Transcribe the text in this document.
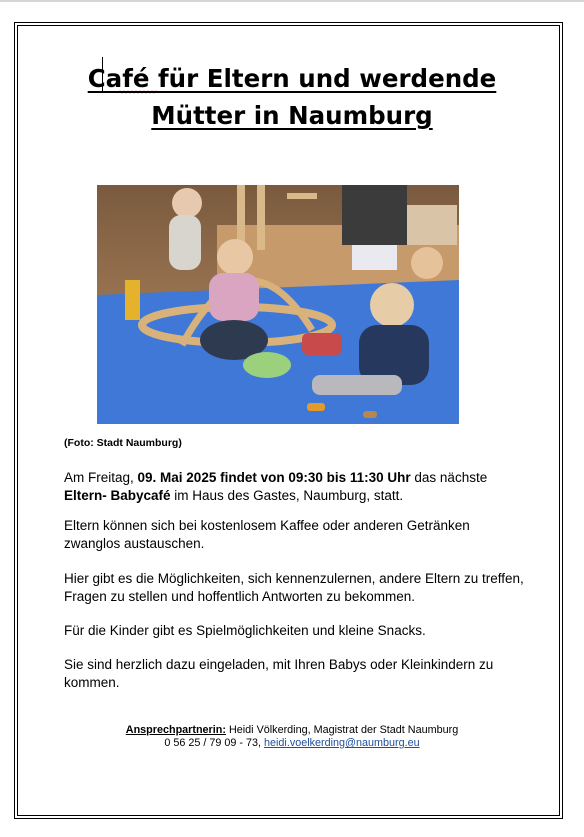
Café für Eltern und werdende
Mütter in Naumburg
(Foto: Stadt Naumburg)
Am Freitag, 09. Mai 2025 findet von 09:30 bis 11:30 Uhr das nächste Eltern- Babycafé im Haus des Gastes, Naumburg, statt.
Eltern können sich bei kostenlosem Kaffee oder anderen Getränken zwanglos austauschen.
Hier gibt es die Möglichkeiten, sich kennenzulernen, andere Eltern zu treffen, Fragen zu stellen und hoffentlich Antworten zu bekommen.
Für die Kinder gibt es Spielmöglichkeiten und kleine Snacks.
Sie sind herzlich dazu eingeladen, mit Ihren Babys oder Kleinkindern zu kommen.
Ansprechpartnerin: Heidi Völkerding, Magistrat der Stadt Naumburg
0 56 25 / 79 09 - 73, heidi.voelkerding@naumburg.eu
